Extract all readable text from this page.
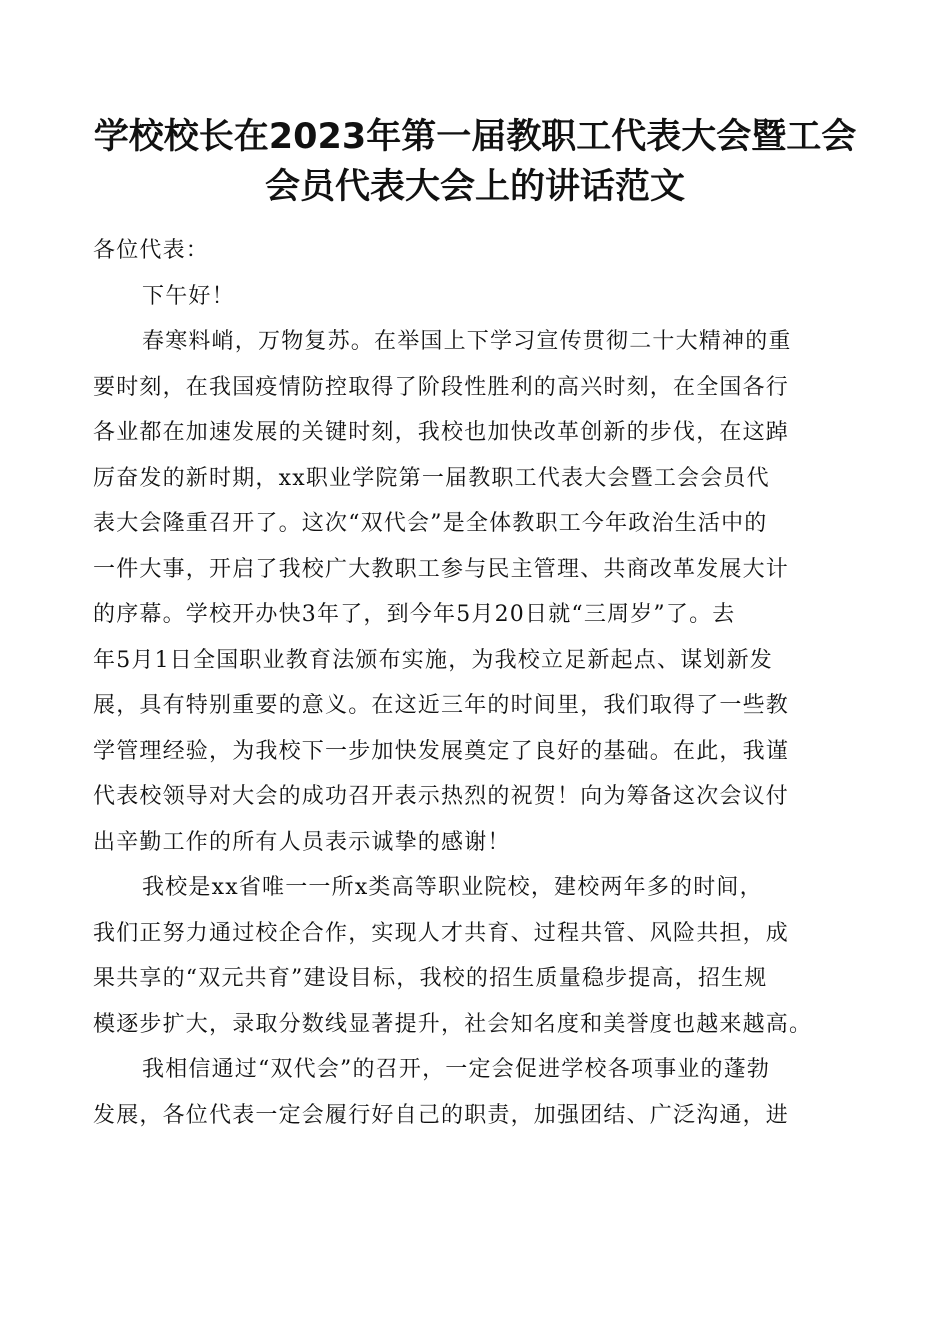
学校校长在2023年第一届教职工代表大会暨工会
会员代表大会上的讲话范文
各位代表：
下午好！
春寒料峭，万物复苏。在举国上下学习宣传贯彻二十大精神的重
要时刻，在我国疫情防控取得了阶段性胜利的高兴时刻，在全国各行
各业都在加速发展的关键时刻，我校也加快改革创新的步伐，在这踔
厉奋发的新时期，xx职业学院第一届教职工代表大会暨工会会员代
表大会隆重召开了。这次“双代会”是全体教职工今年政治生活中的
一件大事，开启了我校广大教职工参与民主管理、共商改革发展大计
的序幕。学校开办快3年了，到今年5月20日就“三周岁”了。去
年5月1日全国职业教育法颁布实施，为我校立足新起点、谋划新发
展，具有特别重要的意义。在这近三年的时间里，我们取得了一些教
学管理经验，为我校下一步加快发展奠定了良好的基础。在此，我谨
代表校领导对大会的成功召开表示热烈的祝贺！向为筹备这次会议付
出辛勤工作的所有人员表示诚挚的感谢！
我校是xx省唯一一所x类高等职业院校，建校两年多的时间，
我们正努力通过校企合作，实现人才共育、过程共管、风险共担，成
果共享的“双元共育”建设目标，我校的招生质量稳步提高，招生规
模逐步扩大，录取分数线显著提升，社会知名度和美誉度也越来越高。
我相信通过“双代会”的召开，一定会促进学校各项事业的蓬勃
发展，各位代表一定会履行好自己的职责，加强团结、广泛沟通，进
